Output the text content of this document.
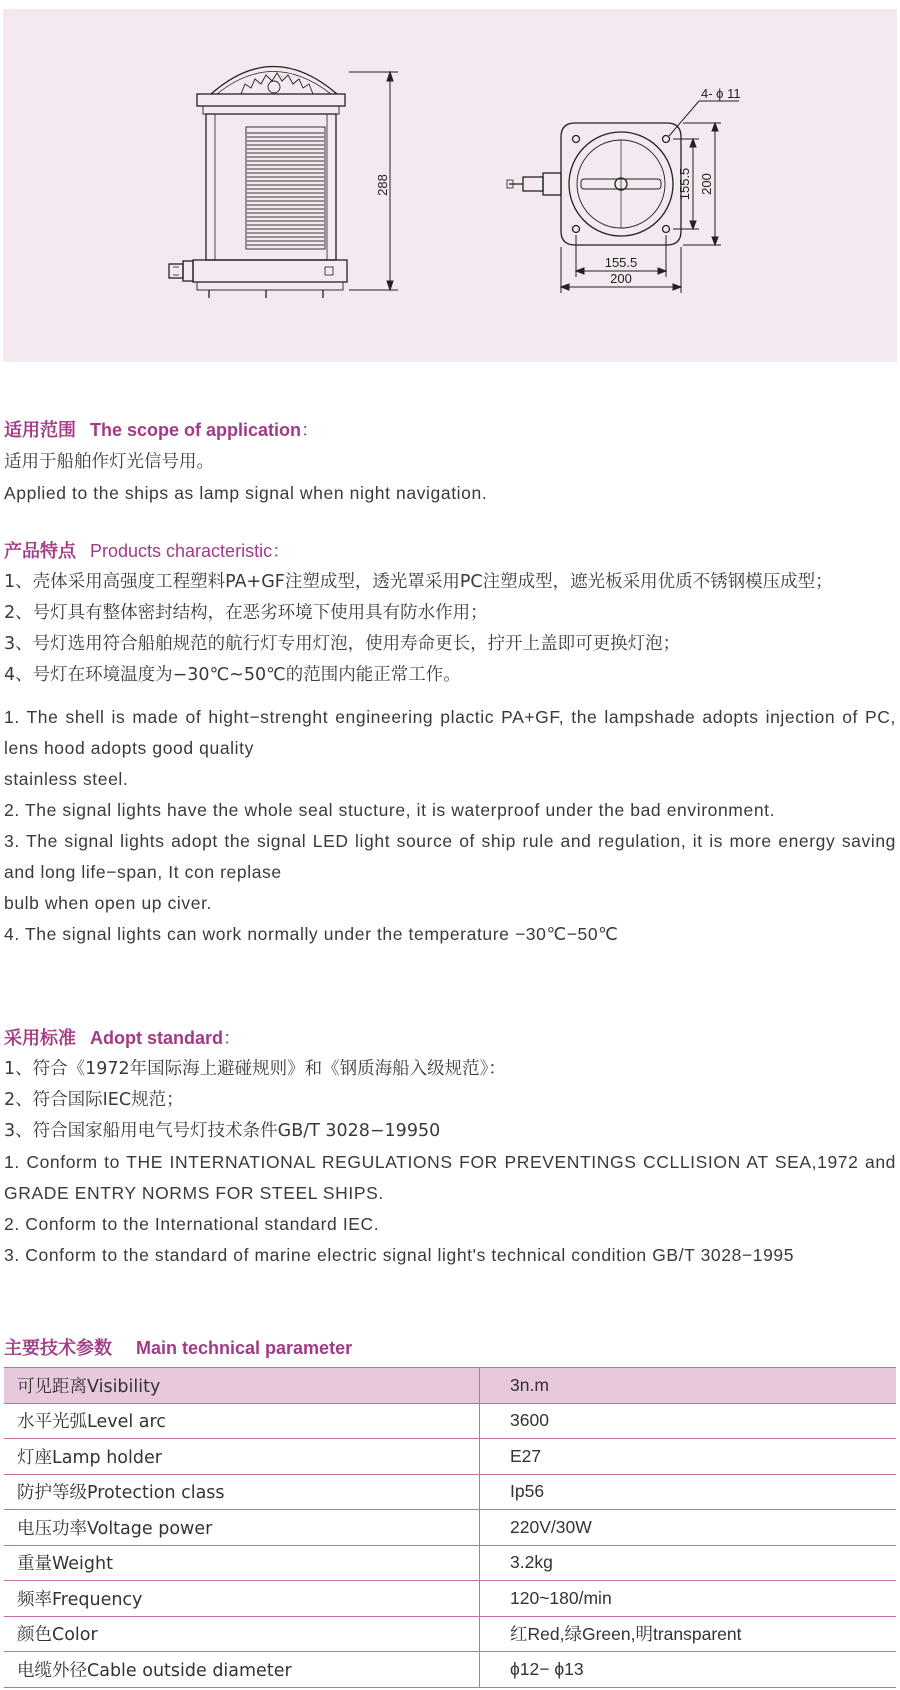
288
4- ϕ 11
155.5 200
155.5
200
适用范围 The scope of application：
适用于船舶作灯光信号用。
Applied to the ships as lamp signal when night navigation.
产品特点 Products characteristic：
1、壳体采用高强度工程塑料PA+GF注塑成型，透光罩采用PC注塑成型，遮光板采用优质不锈钢模压成型；
2、号灯具有整体密封结构，在恶劣环境下使用具有防水作用；
3、号灯选用符合船舶规范的航行灯专用灯泡，使用寿命更长，拧开上盖即可更换灯泡；
4、号灯在环境温度为−30℃~50℃的范围内能正常工作。
1. The shell is made of hight−strenght engineering plactic PA+GF, the lampshade adopts injection of PC, lens hood adopts good quality
stainless steel.
2. The signal lights have the whole seal stucture, it is waterproof under the bad environment.
3. The signal lights adopt the signal LED light source of ship rule and regulation, it is more energy saving and long life−span, It con replase
bulb when open up civer.
4. The signal lights can work normally under the temperature −30℃−50℃
采用标准 Adopt standard：
1、符合《1972年国际海上避碰规则》和《钢质海船入级规范》：
2、符合国际IEC规范；
3、符合国家船用电气号灯技术条件GB/T 3028−19950
1. Conform to THE INTERNATIONAL REGULATIONS FOR PREVENTINGS CCLLISION AT SEA,1972 and GRADE ENTRY NORMS FOR STEEL SHIPS.
2. Conform to the International standard IEC.
3. Conform to the standard of marine electric signal light's technical condition GB/T 3028−1995
主要技术参数 Main technical parameter
可见距离Visibility	3n.m
水平光弧Level arc	3600
灯座Lamp holder	E27
防护等级Protection class	Ip56
电压功率Voltage power	220V/30W
重量Weight	3.2kg
频率Frequency	120~180/min
颜色Color	红Red,绿Green,明transparent
电缆外径Cable outside diameter	ϕ12− ϕ13
